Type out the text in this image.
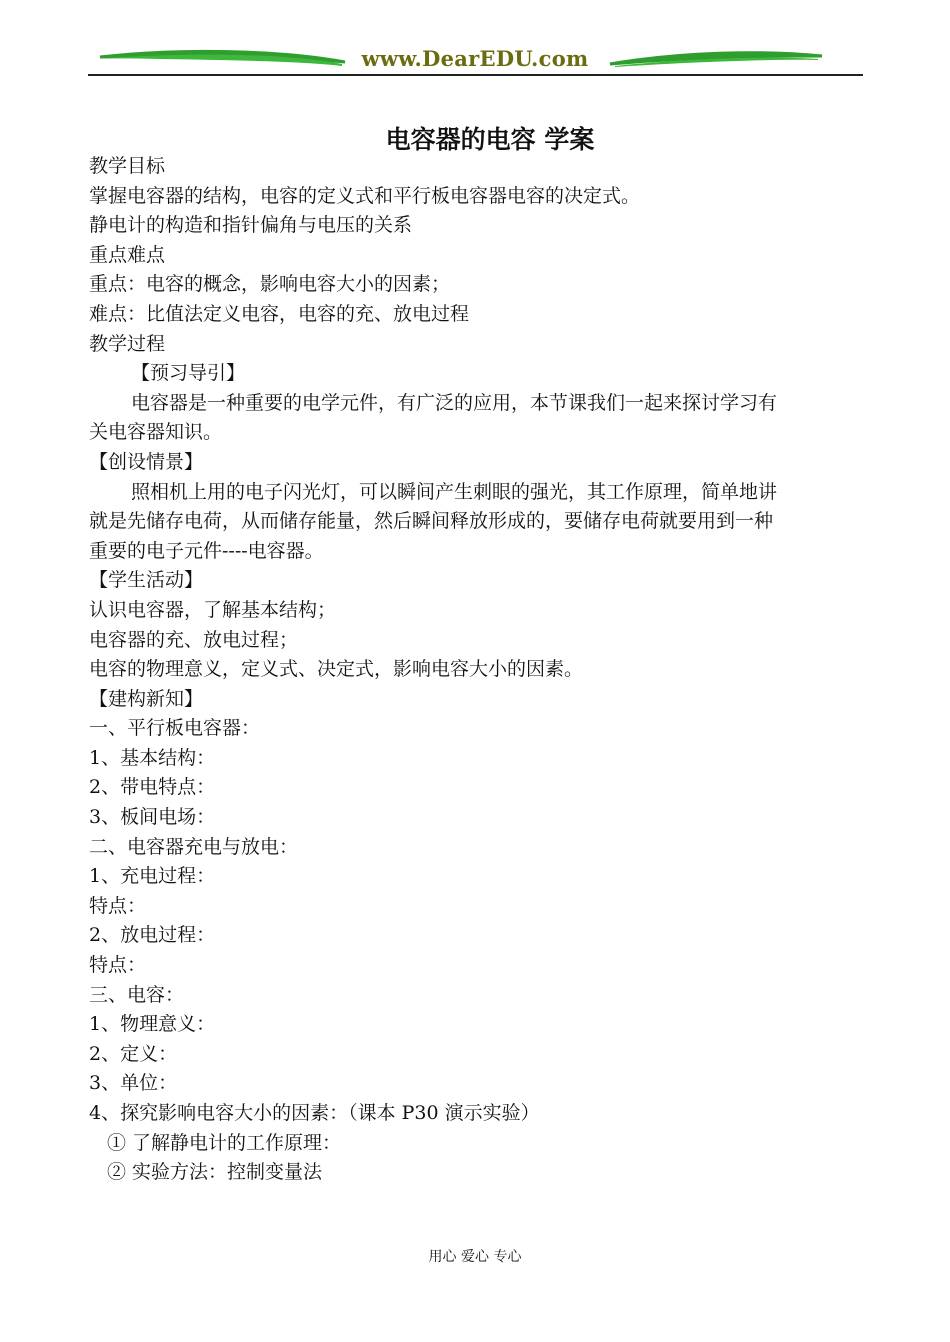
www.DearEDU.com
电容器的电容 学案
教学目标
掌握电容器的结构，电容的定义式和平行板电容器电容的决定式。
静电计的构造和指针偏角与电压的关系
重点难点
重点：电容的概念，影响电容大小的因素；
难点：比值法定义电容，电容的充、放电过程
教学过程
【预习导引】
电容器是一种重要的电学元件，有广泛的应用，本节课我们一起来探讨学习有
关电容器知识。
【创设情景】
照相机上用的电子闪光灯，可以瞬间产生刺眼的强光，其工作原理，简单地讲
就是先储存电荷，从而储存能量，然后瞬间释放形成的，要储存电荷就要用到一种
重要的电子元件----电容器。
【学生活动】
认识电容器，了解基本结构；
电容器的充、放电过程；
电容的物理意义，定义式、决定式，影响电容大小的因素。
【建构新知】
一、平行板电容器：
1、基本结构：
2、带电特点：
3、板间电场：
二、电容器充电与放电：
1、充电过程：
特点：
2、放电过程：
特点：
三、电容：
1、物理意义：
2、定义：
3、单位：
4、探究影响电容大小的因素：（课本 P30 演示实验）
① 了解静电计的工作原理：
② 实验方法：控制变量法
用心 爱心 专心
